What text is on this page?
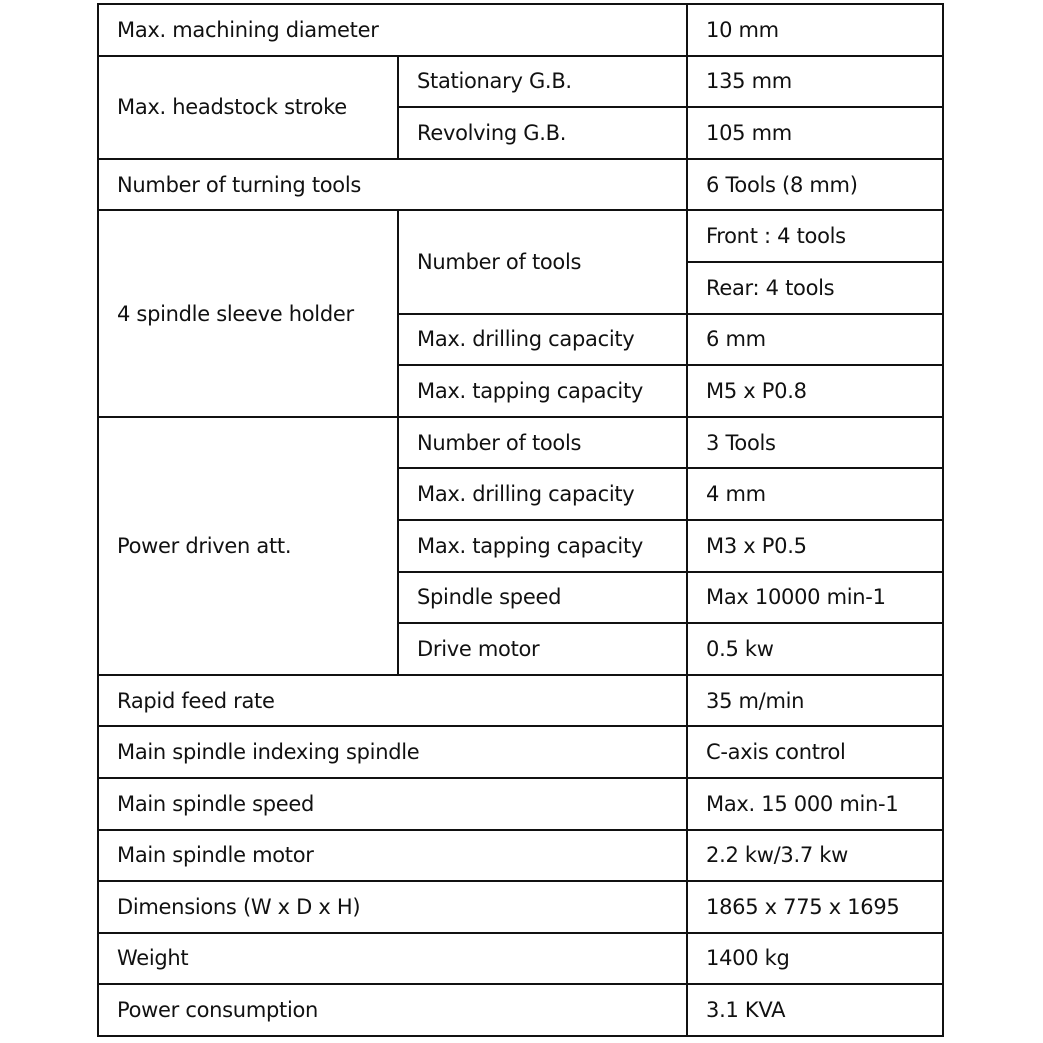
Max. machining diameter		10 mm
Max. headstock stroke	Stationary G.B.	135 mm
	Revolving G.B.	105 mm
Number of turning tools		6 Tools (8 mm)
4 spindle sleeve holder	Number of tools	Front : 4 tools
		Rear: 4 tools
	Max. drilling capacity	6 mm
	Max. tapping capacity	M5 x P0.8
Power driven att.	Number of tools	3 Tools
	Max. drilling capacity	4 mm
	Max. tapping capacity	M3 x P0.5
	Spindle speed	Max 10000 min-1
	Drive motor	0.5 kw
Rapid feed rate		35 m/min
Main spindle indexing spindle		C-axis control
Main spindle speed		Max. 15 000 min-1
Main spindle motor		2.2 kw/3.7 kw
Dimensions (W x D x H)		1865 x 775 x 1695
Weight		1400 kg
Power consumption		3.1 KVA
